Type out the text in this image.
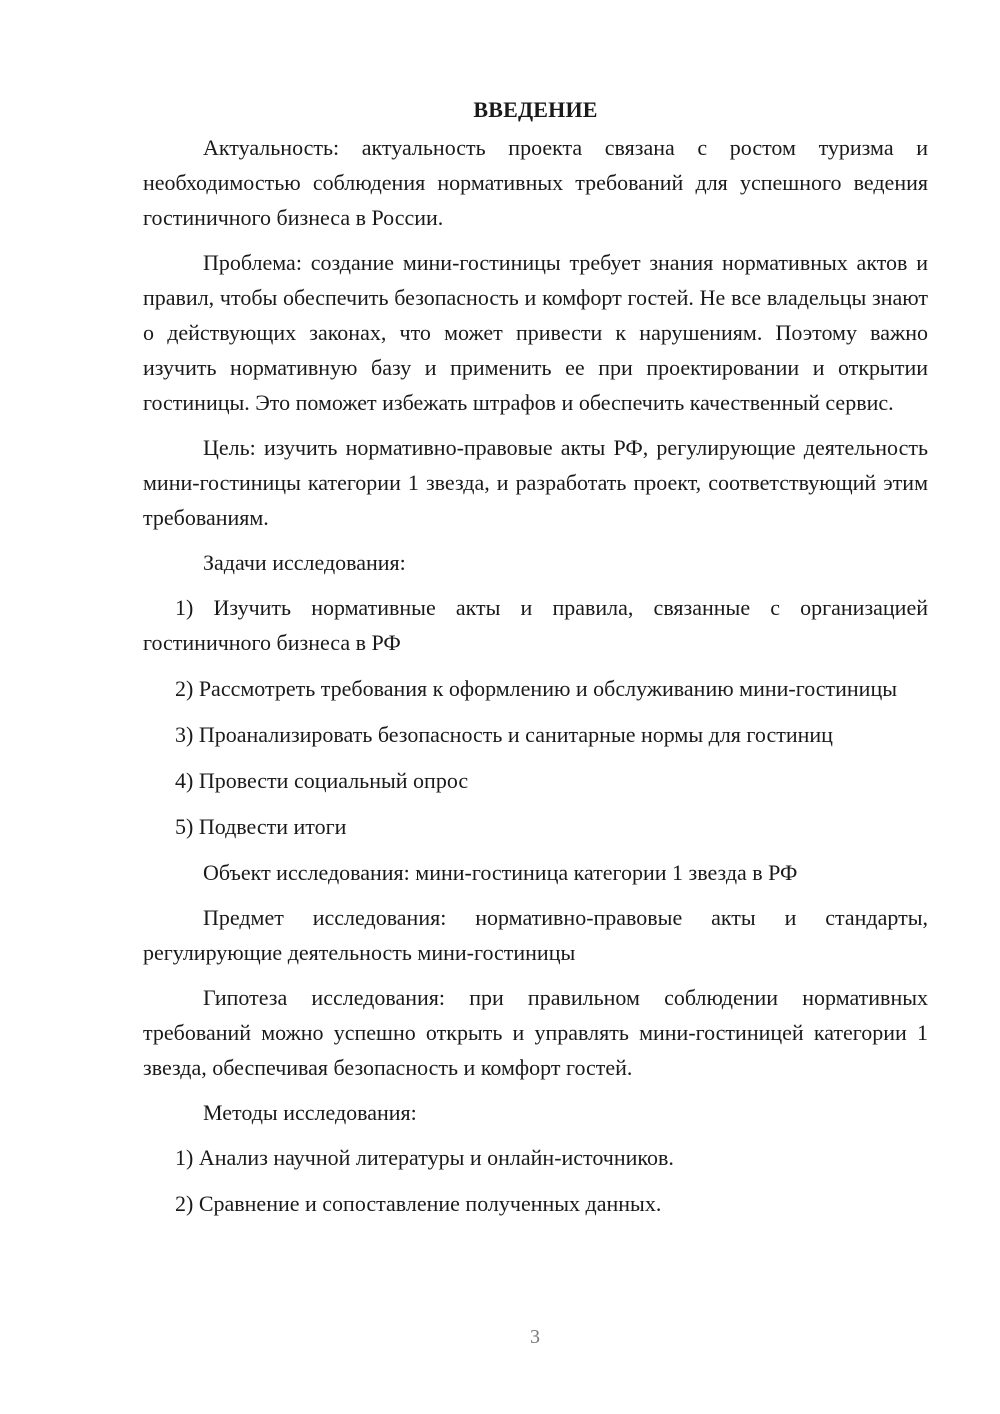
ВВЕДЕНИЕ

Актуальность: актуальность проекта связана с ростом туризма и необходимостью соблюдения нормативных требований для успешного ведения гостиничного бизнеса в России.

Проблема: создание мини-гостиницы требует знания нормативных актов и правил, чтобы обеспечить безопасность и комфорт гостей. Не все владельцы знают о действующих законах, что может привести к нарушениям. Поэтому важно изучить нормативную базу и применить ее при проектировании и открытии гостиницы. Это поможет избежать штрафов и обеспечить качественный сервис.

Цель: изучить нормативно-правовые акты РФ, регулирующие деятельность мини-гостиницы категории 1 звезда, и разработать проект, соответствующий этим требованиям.

Задачи исследования:

1) Изучить нормативные акты и правила, связанные с организацией гостиничного бизнеса в РФ

2) Рассмотреть требования к оформлению и обслуживанию мини-гостиницы

3) Проанализировать безопасность и санитарные нормы для гостиниц

4) Провести социальный опрос

5) Подвести итоги

Объект исследования: мини-гостиница категории 1 звезда в РФ

Предмет исследования: нормативно-правовые акты и стандарты, регулирующие деятельность мини-гостиницы

Гипотеза исследования: при правильном соблюдении нормативных требований можно успешно открыть и управлять мини-гостиницей категории 1 звезда, обеспечивая безопасность и комфорт гостей.

Методы исследования:

1) Анализ научной литературы и онлайн-источников.

2) Сравнение и сопоставление полученных данных.

3
